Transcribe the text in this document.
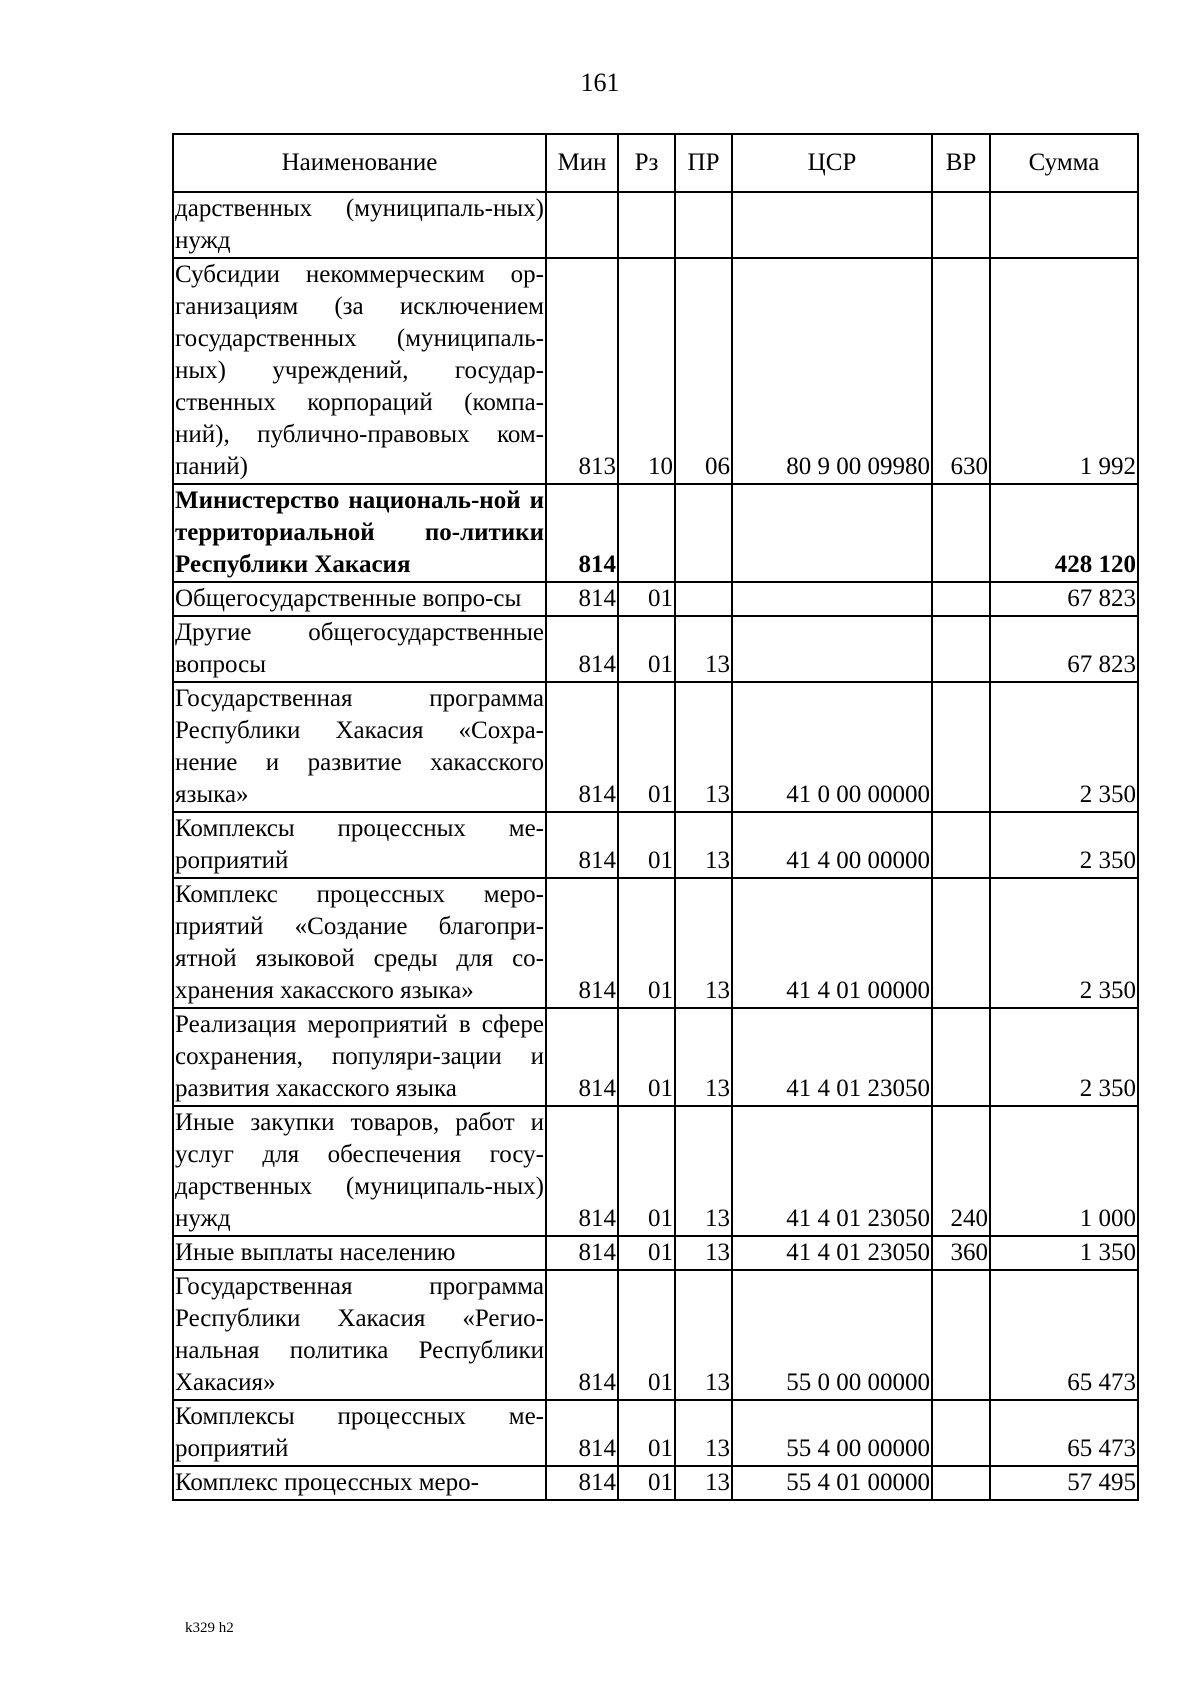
161
Наименование	Мин	Рз	ПР	ЦСР	ВР	Сумма
дарственных (муниципаль-ных) нужд						
Субсидии некоммерческим ор-ганизациям (за исключением государственных (муниципаль-ных) учреждений, государ-ственных корпораций (компа-ний), публично-правовых ком-паний)	813	10	06	80 9 00 09980	630	1 992
Министерство националь-ной и территориальной по-литики Республики Хакасия	814					428 120
Общегосударственные вопро-сы	814	01				67 823
Другие общегосударственные вопросы	814	01	13			67 823
Государственная программа Республики Хакасия «Сохра-нение и развитие хакасского языка»	814	01	13	41 0 00 00000		2 350
Комплексы процессных ме-роприятий	814	01	13	41 4 00 00000		2 350
Комплекс процессных меро-приятий «Создание благопри-ятной языковой среды для со-хранения хакасского языка»	814	01	13	41 4 01 00000		2 350
Реализация мероприятий в сфере сохранения, популяри-зации и развития хакасского языка	814	01	13	41 4 01 23050		2 350
Иные закупки товаров, работ и услуг для обеспечения госу-дарственных (муниципаль-ных) нужд	814	01	13	41 4 01 23050	240	1 000
Иные выплаты населению	814	01	13	41 4 01 23050	360	1 350
Государственная программа Республики Хакасия «Регио-нальная политика Республики Хакасия»	814	01	13	55 0 00 00000		65 473
Комплексы процессных ме-роприятий	814	01	13	55 4 00 00000		65 473
Комплекс процессных меро-	814	01	13	55 4 01 00000		57 495
k329 h2
